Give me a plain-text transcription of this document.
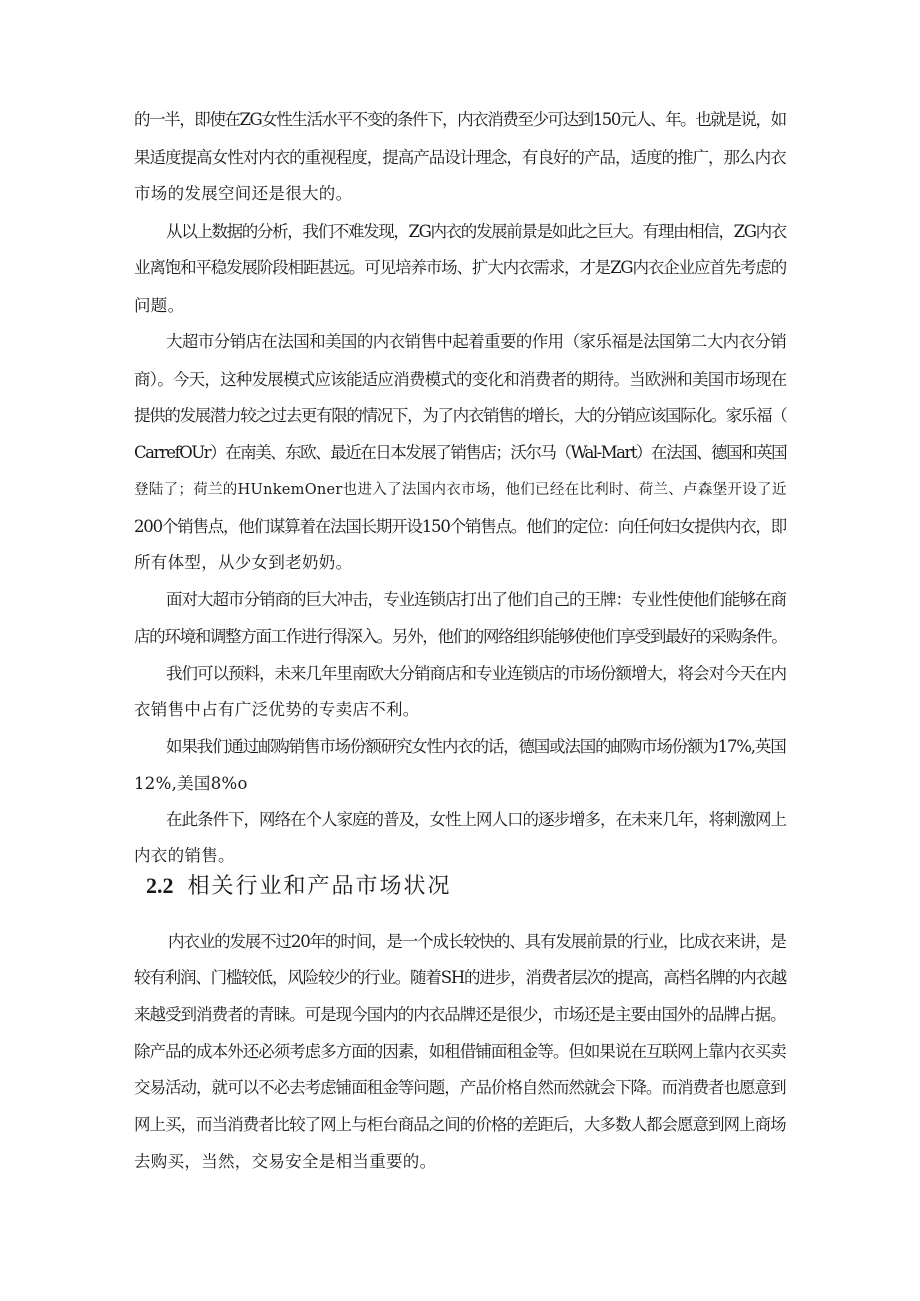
的一半，即使在ZG女性生活水平不变的条件下，内衣消费至少可达到150元人、年。也就是说，如
果适度提高女性对内衣的重视程度，提高产品设计理念，有良好的产品，适度的推广，那么内衣
市场的发展空间还是很大的。
从以上数据的分析，我们不难发现，ZG内衣的发展前景是如此之巨大。有理由相信，ZG内衣
业离饱和平稳发展阶段相距甚远。可见培养市场、扩大内衣需求，才是ZG内衣企业应首先考虑的
问题。
大超市分销店在法国和美国的内衣销售中起着重要的作用（家乐福是法国第二大内衣分销
商）。今天，这种发展模式应该能适应消费模式的变化和消费者的期待。当欧洲和美国市场现在
提供的发展潜力较之过去更有限的情况下，为了内衣销售的增长，大的分销应该国际化。家乐福（
CarrefOUr）在南美、东欧、最近在日本发展了销售店；沃尔马（Wal-Mart）在法国、德国和英国
登陆了；荷兰的HUnkemOner也进入了法国内衣市场，他们已经在比利时、荷兰、卢森堡开设了近
200个销售点，他们谋算着在法国长期开设150个销售点。他们的定位：向任何妇女提供内衣，即
所有体型，从少女到老奶奶。
面对大超市分销商的巨大冲击，专业连锁店打出了他们自己的王牌：专业性使他们能够在商
店的环境和调整方面工作进行得深入。另外，他们的网络组织能够使他们享受到最好的采购条件。
我们可以预料，未来几年里南欧大分销商店和专业连锁店的市场份额增大，将会对今天在内
衣销售中占有广泛优势的专卖店不利。
如果我们通过邮购销售市场份额研究女性内衣的话，德国或法国的邮购市场份额为17%,英国
12%,美国8%o
在此条件下，网络在个人家庭的普及，女性上网人口的逐步增多，在未来几年，将刺激网上
内衣的销售。
2.2 相关行业和产品市场状况
内衣业的发展不过20年的时间，是一个成长较快的、具有发展前景的行业，比成衣来讲，是
较有利润、门槛较低，风险较少的行业。随着SH的进步，消费者层次的提高，高档名牌的内衣越
来越受到消费者的青睐。可是现今国内的内衣品牌还是很少，市场还是主要由国外的品牌占据。
除产品的成本外还必须考虑多方面的因素，如租借铺面租金等。但如果说在互联网上靠内衣买卖
交易活动，就可以不必去考虑铺面租金等问题，产品价格自然而然就会下降。而消费者也愿意到
网上买，而当消费者比较了网上与柜台商品之间的价格的差距后，大多数人都会愿意到网上商场
去购买，当然，交易安全是相当重要的。
